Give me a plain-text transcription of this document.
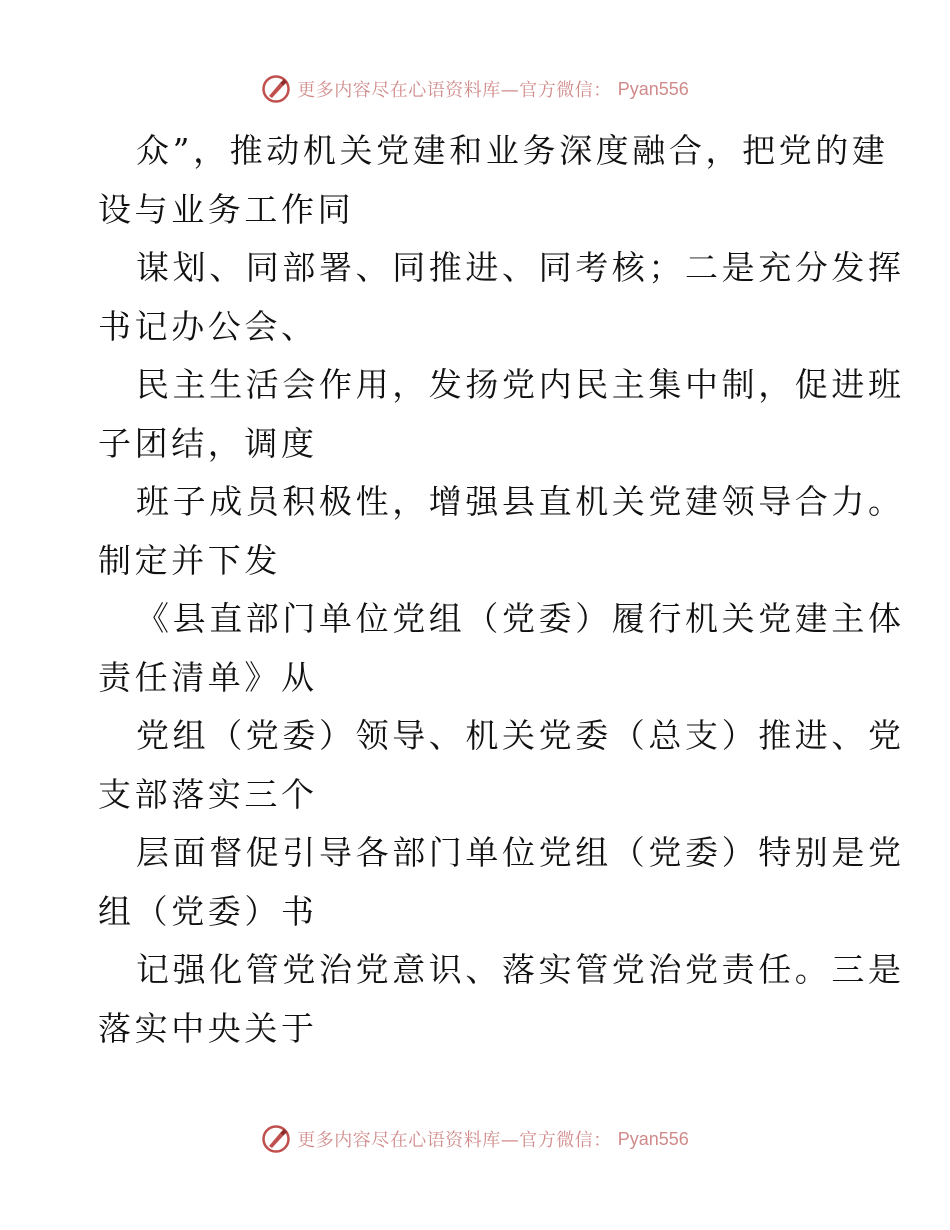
更多内容尽在心语资料库—官方微信： Pyan556
众”，推动机关党建和业务深度融合，把党的建
设与业务工作同
谋划、同部署、同推进、同考核；二是充分发挥
书记办公会、
民主生活会作用，发扬党内民主集中制，促进班
子团结，调度
班子成员积极性，增强县直机关党建领导合力。
制定并下发
《县直部门单位党组（党委）履行机关党建主体
责任清单》从
党组（党委）领导、机关党委（总支）推进、党
支部落实三个
层面督促引导各部门单位党组（党委）特别是党
组（党委）书
记强化管党治党意识、落实管党治党责任。三是
落实中央关于
更多内容尽在心语资料库—官方微信： Pyan556
